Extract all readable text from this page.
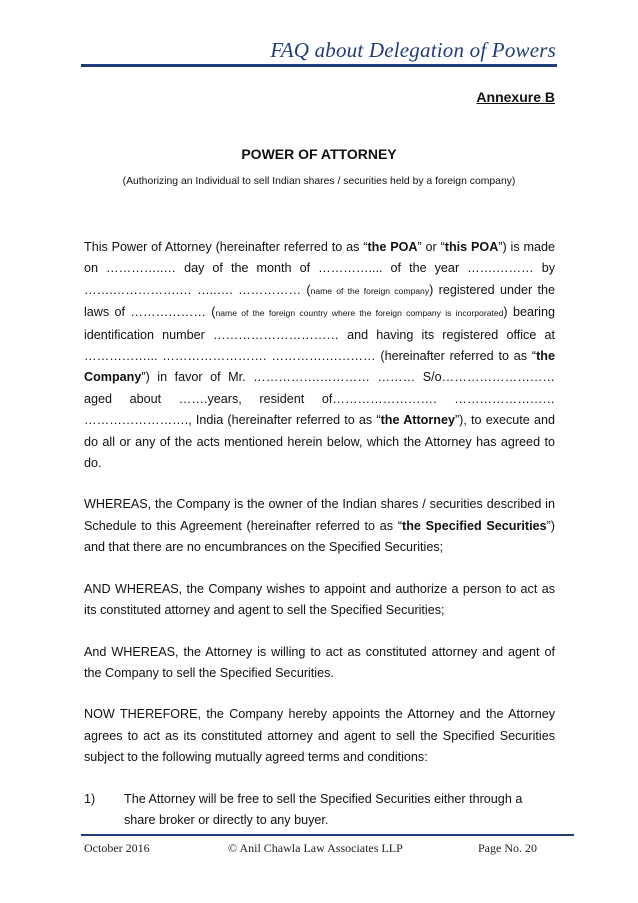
FAQ about Delegation of Powers
Annexure B
POWER OF ATTORNEY
(Authorizing an Individual to sell Indian shares / securities held by a foreign company)

This Power of Attorney (hereinafter referred to as “the POA” or “this POA”) is made on …………..… day of the month of ………….... of the year …….……… by …….…………….… …..…. …………… (name of the foreign company) registered under the laws of ……………… (name of the foreign country where the foreign company is incorporated) bearing identification number ………………………… and having its registered office at ……………... ……………………. ………….………… (hereinafter referred to as “the Company”) in favor of Mr. …………….………… ……… S/o……………………… aged about …….years, resident of……………………. …………………… ……………………., India (hereinafter referred to as “the Attorney”), to execute and do all or any of the acts mentioned herein below, which the Attorney has agreed to do.

WHEREAS, the Company is the owner of the Indian shares / securities described in Schedule to this Agreement (hereinafter referred to as “the Specified Securities”) and that there are no encumbrances on the Specified Securities;

AND WHEREAS, the Company wishes to appoint and authorize a person to act as its constituted attorney and agent to sell the Specified Securities;

And WHEREAS, the Attorney is willing to act as constituted attorney and agent of the Company to sell the Specified Securities.

NOW THEREFORE, the Company hereby appoints the Attorney and the Attorney agrees to act as its constituted attorney and agent to sell the Specified Securities subject to the following mutually agreed terms and conditions:

1)	The Attorney will be free to sell the Specified Securities either through a share broker or directly to any buyer.
October 2016	© Anil Chawla Law Associates LLP	Page No. 20
